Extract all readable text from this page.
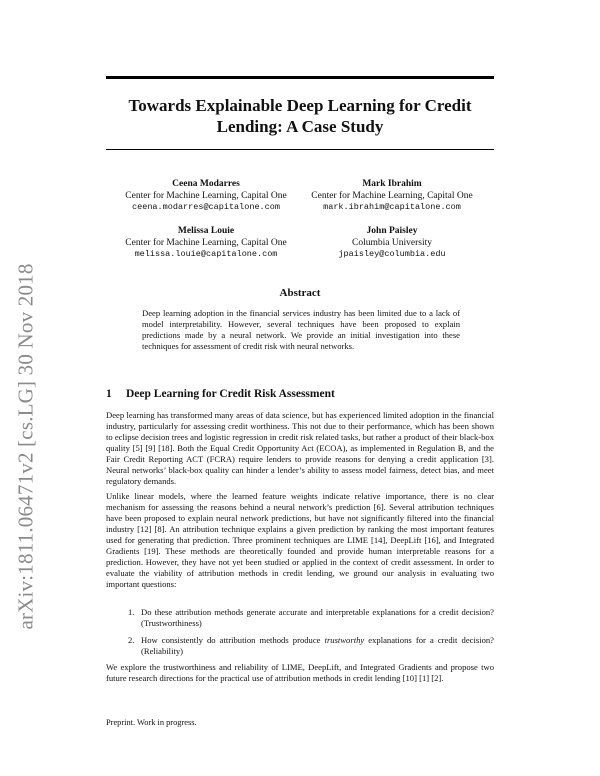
arXiv:1811.06471v2 [cs.LG] 30 Nov 2018
Towards Explainable Deep Learning for Credit Lending: A Case Study
Ceena Modarres
Center for Machine Learning, Capital One
ceena.modarres@capitalone.com
Mark Ibrahim
Center for Machine Learning, Capital One
mark.ibrahim@capitalone.com
Melissa Louie
Center for Machine Learning, Capital One
melissa.louie@capitalone.com
John Paisley
Columbia University
jpaisley@columbia.edu
Abstract

Deep learning adoption in the financial services industry has been limited due to a lack of model interpretability. However, several techniques have been proposed to explain predictions made by a neural network. We provide an initial investigation into these techniques for assessment of credit risk with neural networks.

1 Deep Learning for Credit Risk Assessment

Deep learning has transformed many areas of data science, but has experienced limited adoption in the financial industry, particularly for assessing credit worthiness. This not due to their performance, which has been shown to eclipse decision trees and logistic regression in credit risk related tasks, but rather a product of their black-box quality [5] [9] [18]. Both the Equal Credit Opportunity Act (ECOA), as implemented in Regulation B, and the Fair Credit Reporting ACT (FCRA) require lenders to provide reasons for denying a credit application [3]. Neural networks’ black-box quality can hinder a lender’s ability to assess model fairness, detect bias, and meet regulatory demands.

Unlike linear models, where the learned feature weights indicate relative importance, there is no clear mechanism for assessing the reasons behind a neural network’s prediction [6]. Several attribution techniques have been proposed to explain neural network predictions, but have not significantly filtered into the financial industry [12] [8]. An attribution technique explains a given prediction by ranking the most important features used for generating that prediction. Three prominent techniques are LIME [14], DeepLift [16], and Integrated Gradients [19]. These methods are theoretically founded and provide human interpretable reasons for a prediction. However, they have not yet been studied or applied in the context of credit assessment. In order to evaluate the viability of attribution methods in credit lending, we ground our analysis in evaluating two important questions:

1. Do these attribution methods generate accurate and interpretable explanations for a credit decision? (Trustworthiness)
2. How consistently do attribution methods produce trustworthy explanations for a credit decision? (Reliability)

We explore the trustworthiness and reliability of LIME, DeepLift, and Integrated Gradients and propose two future research directions for the practical use of attribution methods in credit lending [10] [1] [2].

Preprint. Work in progress.
